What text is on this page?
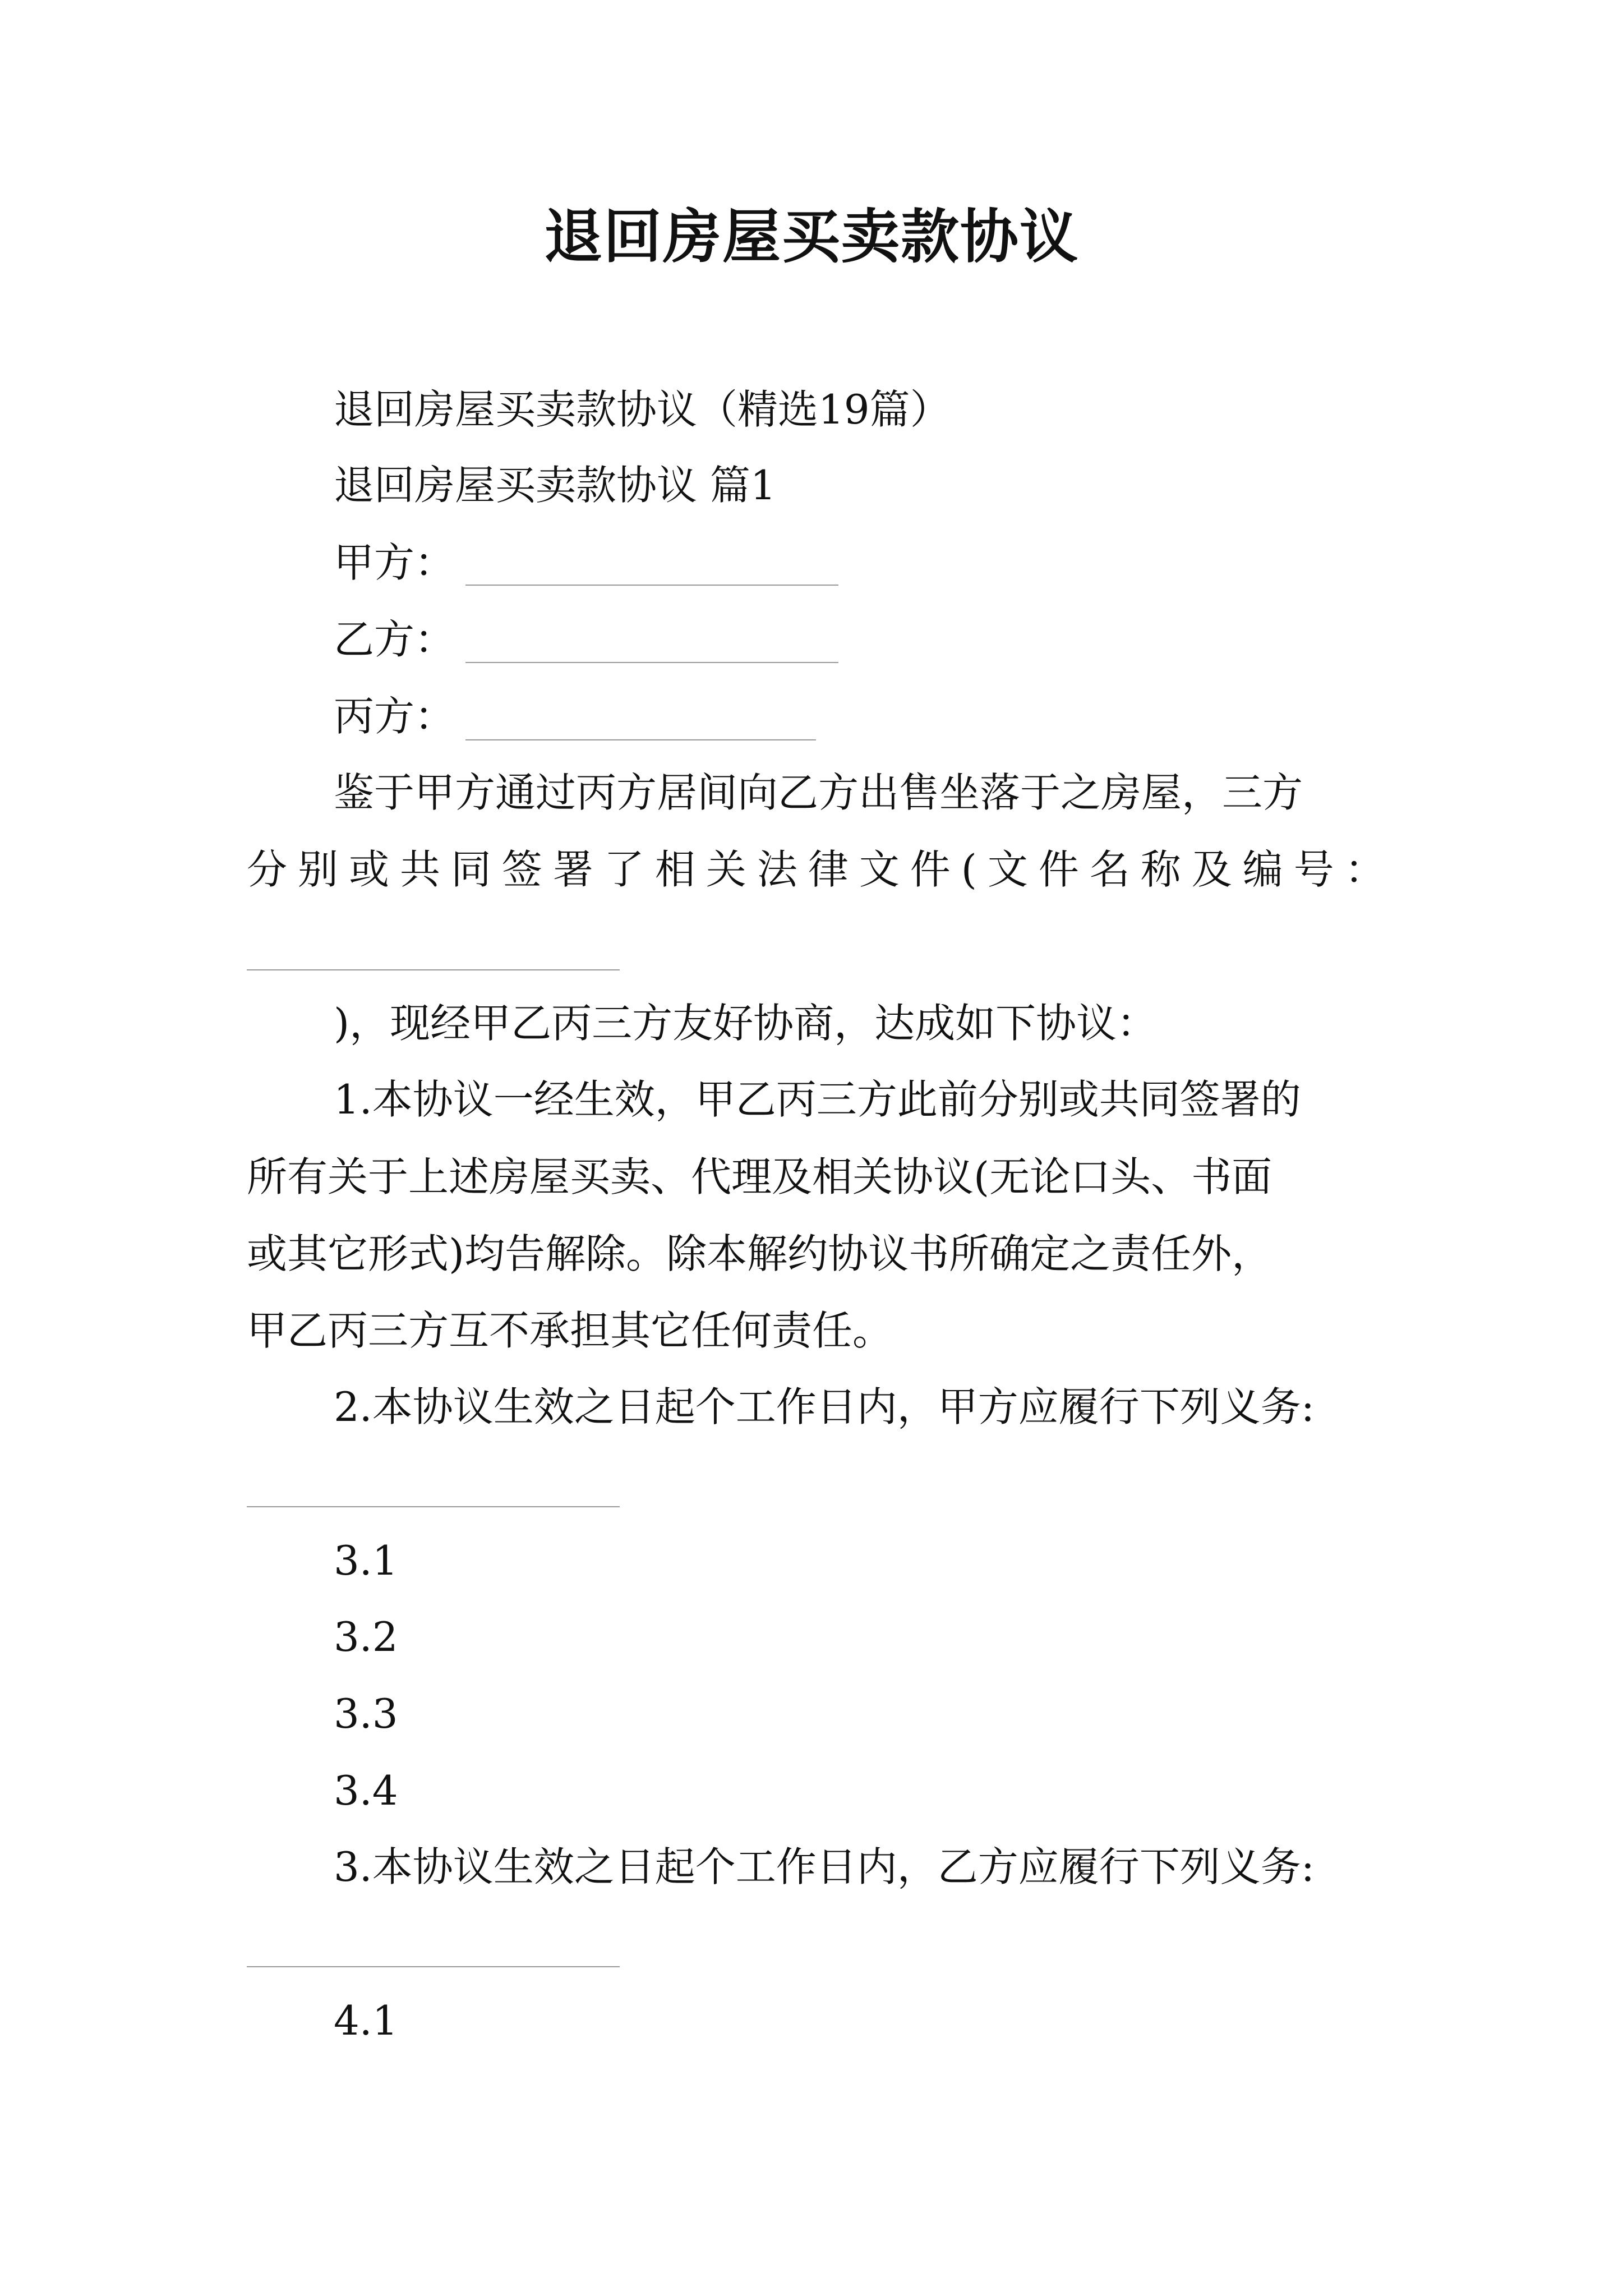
退回房屋买卖款协议
退回房屋买卖款协议（精选19篇）
退回房屋买卖款协议 篇1
甲方：
乙方：
丙方：
鉴于甲方通过丙方居间向乙方出售坐落于之房屋，三方
分 别 或 共 同 签 署 了 相 关 法 律 文 件 ( 文 件 名 称 及 编 号 ：
)，现经甲乙丙三方友好协商，达成如下协议：
1.本协议一经生效，甲乙丙三方此前分别或共同签署的
所有关于上述房屋买卖、代理及相关协议(无论口头、书面
或其它形式)均告解除。除本解约协议书所确定之责任外，
甲乙丙三方互不承担其它任何责任。
2.本协议生效之日起个工作日内，甲方应履行下列义务:
3.1
3.2
3.3
3.4
3.本协议生效之日起个工作日内，乙方应履行下列义务:
4.1
